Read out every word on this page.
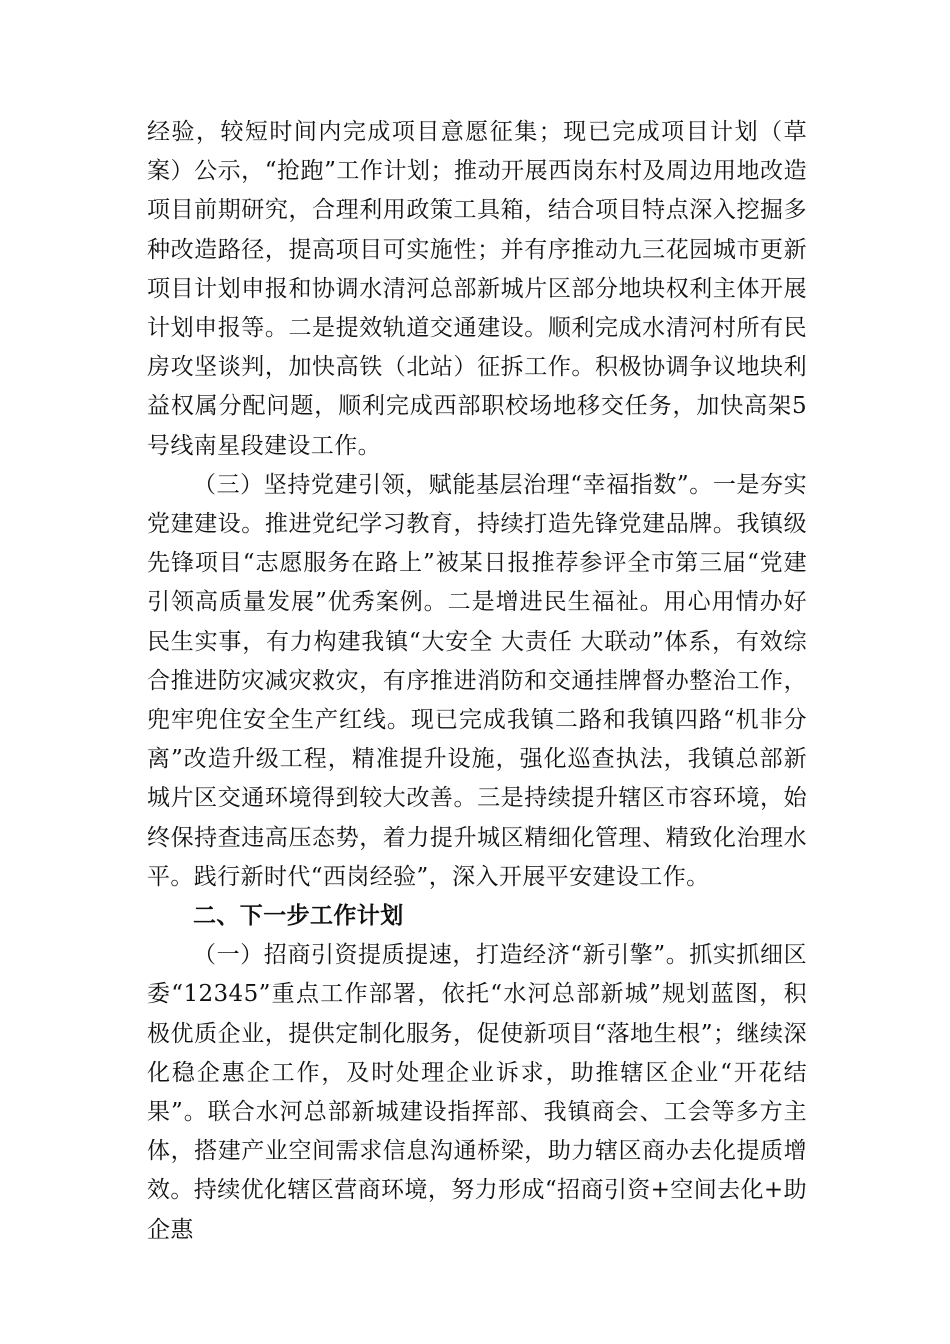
经验，较短时间内完成项目意愿征集；现已完成项目计划（草案）公示，“抢跑”工作计划；推动开展西岗东村及周边用地改造项目前期研究，合理利用政策工具箱，结合项目特点深入挖掘多种改造路径，提高项目可实施性；并有序推动九三花园城市更新项目计划申报和协调水清河总部新城片区部分地块权利主体开展计划申报等。二是提效轨道交通建设。顺利完成水清河村所有民房攻坚谈判，加快高铁（北站）征拆工作。积极协调争议地块利益权属分配问题，顺利完成西部职校场地移交任务，加快高架5号线南星段建设工作。

（三）坚持党建引领，赋能基层治理“幸福指数”。一是夯实党建建设。推进党纪学习教育，持续打造先锋党建品牌。我镇级先锋项目“志愿服务在路上”被某日报推荐参评全市第三届“党建引领高质量发展”优秀案例。二是增进民生福祉。用心用情办好民生实事，有力构建我镇“大安全 大责任 大联动”体系，有效综合推进防灾减灾救灾，有序推进消防和交通挂牌督办整治工作，兜牢兜住安全生产红线。现已完成我镇二路和我镇四路“机非分离”改造升级工程，精准提升设施，强化巡查执法，我镇总部新城片区交通环境得到较大改善。三是持续提升辖区市容环境，始终保持查违高压态势，着力提升城区精细化管理、精致化治理水平。践行新时代“西岗经验”，深入开展平安建设工作。

二、下一步工作计划

（一）招商引资提质提速，打造经济“新引擎”。抓实抓细区委“12345”重点工作部署，依托“水河总部新城”规划蓝图，积极优质企业，提供定制化服务，促使新项目“落地生根”；继续深化稳企惠企工作，及时处理企业诉求，助推辖区企业“开花结果”。联合水河总部新城建设指挥部、我镇商会、工会等多方主体，搭建产业空间需求信息沟通桥梁，助力辖区商办去化提质增效。持续优化辖区营商环境，努力形成“招商引资+空间去化+助企惠
